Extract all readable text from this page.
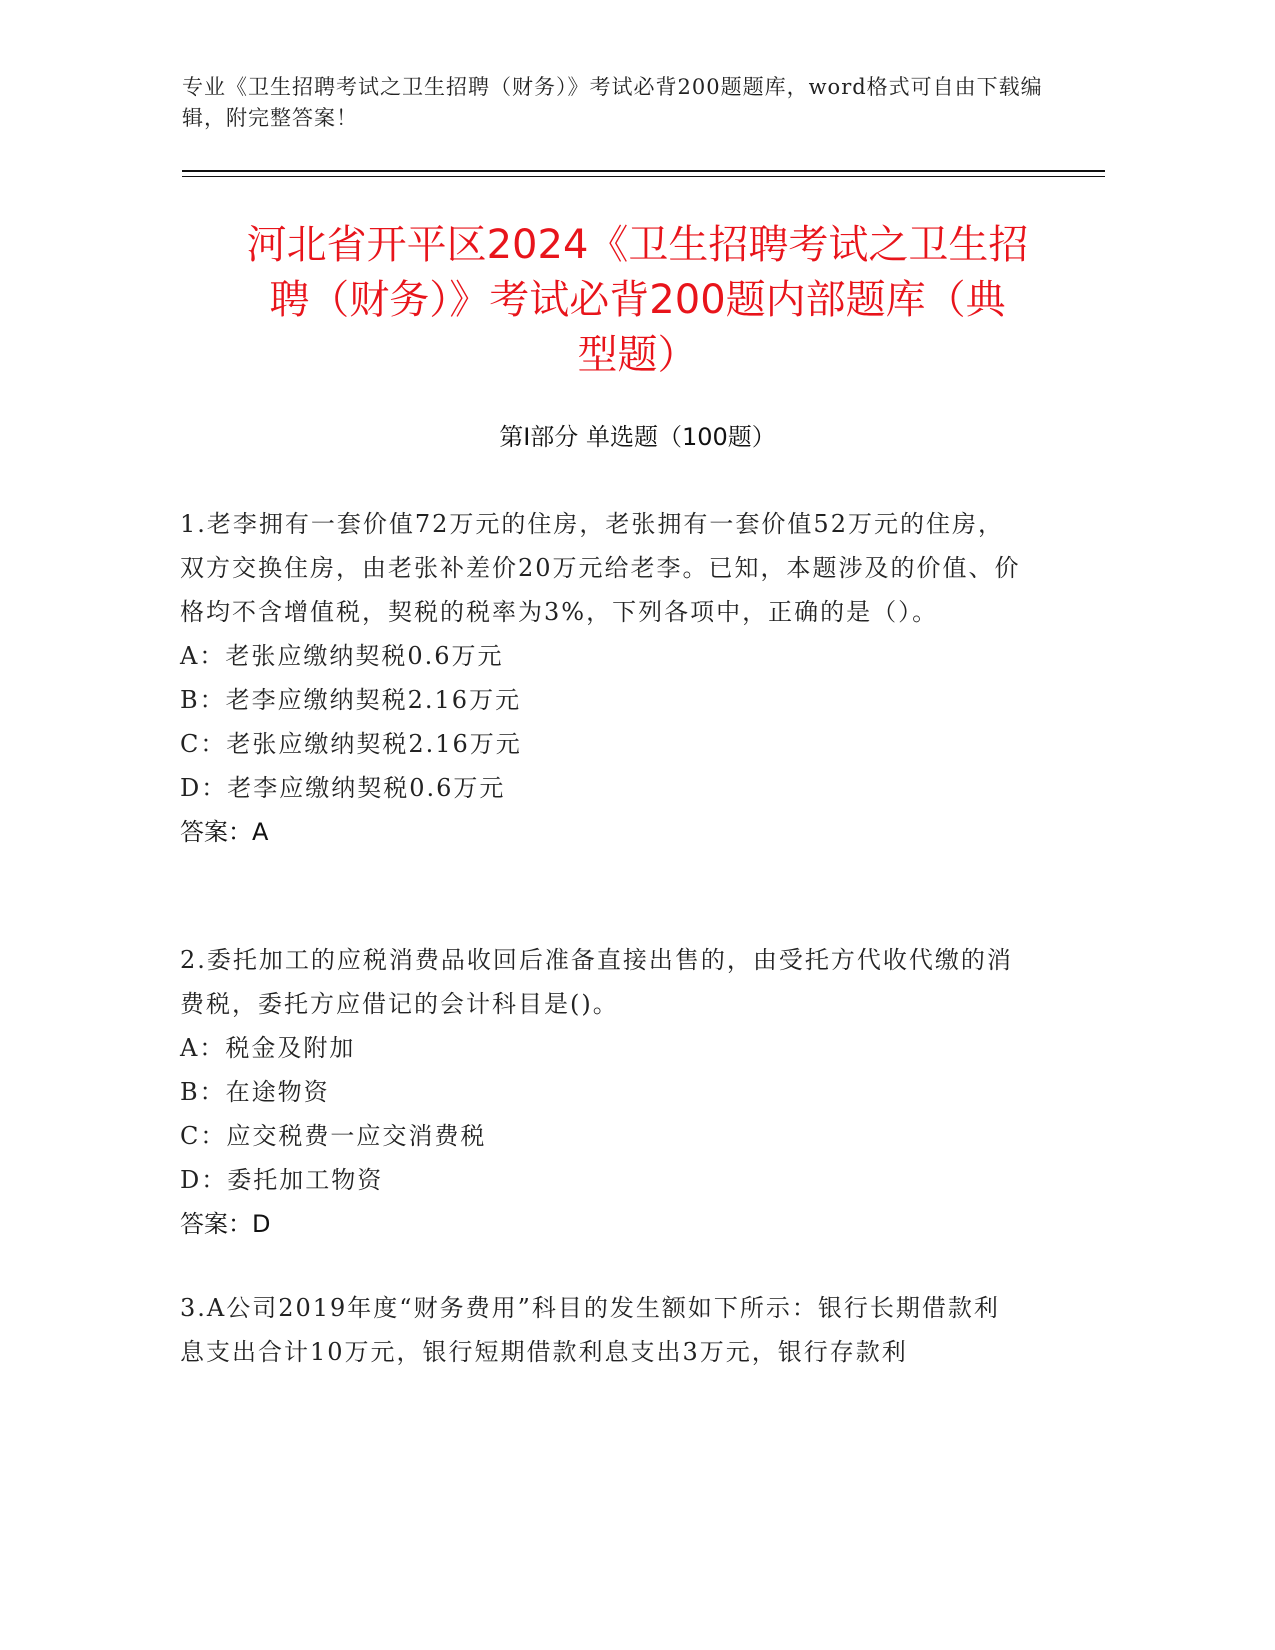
专业《卫生招聘考试之卫生招聘（财务）》考试必背200题题库，word格式可自由下载编辑，附完整答案！
河北省开平区2024《卫生招聘考试之卫生招
聘（财务）》考试必背200题内部题库（典
型题）
第I部分 单选题（100题）

1.老李拥有一套价值72万元的住房，老张拥有一套价值52万元的住房，双方交换住房，由老张补差价20万元给老李。已知，本题涉及的价值、价格均不含增值税，契税的税率为3%，下列各项中，正确的是（）。

A：老张应缴纳契税0.6万元

B：老李应缴纳契税2.16万元

C：老张应缴纳契税2.16万元

D：老李应缴纳契税0.6万元

答案：A

2.委托加工的应税消费品收回后准备直接出售的，由受托方代收代缴的消费税，委托方应借记的会计科目是()。

A：税金及附加

B：在途物资

C：应交税费一应交消费税

D：委托加工物资

答案：D

3.A公司2019年度“财务费用”科目的发生额如下所示：银行长期借款利息支出合计10万元，银行短期借款利息支出3万元，银行存款利
